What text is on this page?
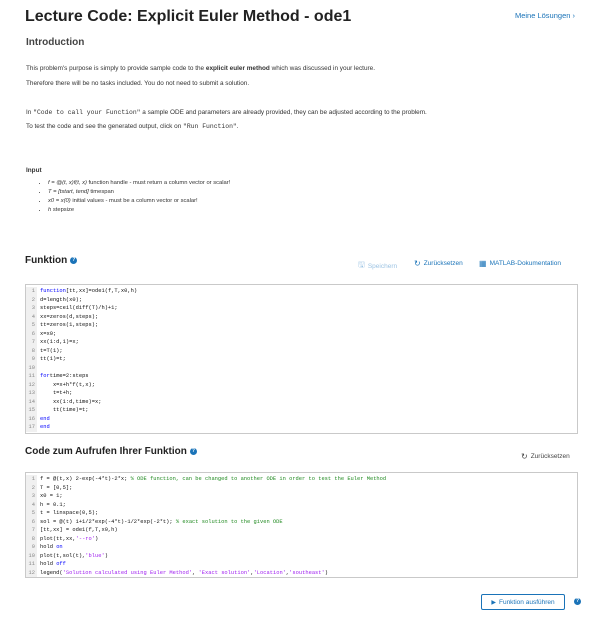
Lecture Code: Explicit Euler Method - ode1	Meine Lösungen ›
Introduction
This problem's purpose is simply to provide sample code to the explicit euler method which was discussed in your lecture.
Therefore there will be no tasks included. You do not need to submit a solution.
In "Code to call your Function" a sample ODE and parameters are already provided, they can be adjusted according to the problem.
To test the code and see the generated output, click on "Run Function".
Input
• f = @(t, x)f(t, x) function handle - must return a column vector or scalar!
• T = [tstart, tend] timespan
• x0 = x(0) initial values - must be a column vector or scalar!
• h stepsize
Funktion ?	🖫 Speichern ↻ Zurücksetzen ▦ MATLAB-Dokumentation
1 function[tt,xx]=ode1(f,T,x0,h)
2 d=length(x0);
3 steps=ceil(diff(T)/h)+1;
4 xx=zeros(d,steps);
5 tt=zeros(1,steps);
6 x=x0;
7 xx(1:d,1)=x;
8 t=T(1);
9 tt(1)=t;
10
11 fortime=2:steps
12 x=x+h*f(t,x);
13 t=t+h;
14 xx(1:d,time)=x;
15 tt(time)=t;
16 end
17 end
Code zum Aufrufen Ihrer Funktion ?
↻ Zurücksetzen
1 f = @(t,x) 2-exp(-4*t)-2*x; % ODE function, can be changed to another ODE in order to test the Euler Method
2 T = [0,5];
3 x0 = 1;
4 h = 0.1;
5 t = linspace(0,5);
6 sol = @(t) 1+1/2*exp(-4*t)-1/2*exp(-2*t); % exact solution to the given ODE
7 [tt,xx] = ode1(f,T,x0,h)
8 plot(tt,xx,'--ro')
9 hold on
10 plot(t,sol(t),'blue')
11 hold off
12 legend('Solution calculated using Euler Method', 'Exact solution','Location','southeast')
▶ Funktion ausführen	?
